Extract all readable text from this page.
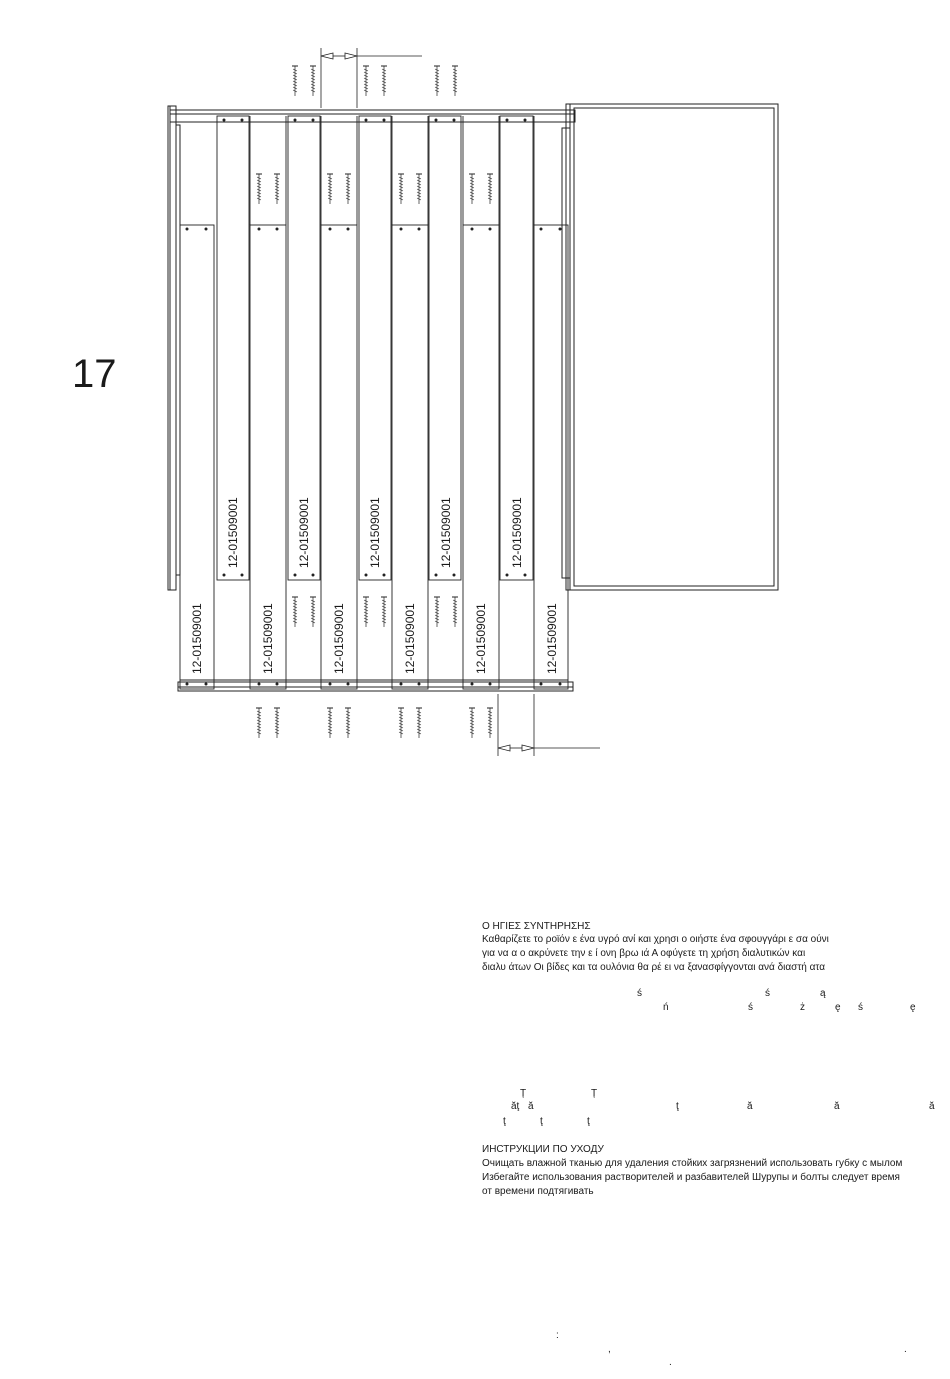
17
12-01509001	12-01509001	12-01509001	12-01509001	12-01509001
12-01509001	12-01509001	12-01509001	12-01509001	12-01509001	12-01509001
Ο ΗΓΙΕΣ ΣΥΝΤΗΡΗΣΗΣ
Καθαρίζετε το ροϊόν ε ένα υγρό ανί και χρησι ο οιήστε ένα σφουγγάρι ε σα ούνι
για να α ο ακρύνετε την ε ί ονη βρω ιά Α οφύγετε τη χρήση διαλυτικών και
διαλυ άτων Οι βίδες και τα ουλόνια θα ρέ ει να ξανασφίγγονται ανά διαστή ατα
ś	ś	ą
ń	ś	ż	ę ś	ę
Ț	Ț
ăţ ă	ţ	ă	ă	ă
ţ	ţ	ţ
ИНСТРУКЦИИ ПО УХОДУ
Очищать влажной тканью для удаления стойких загрязнений использовать губку с мылом
Избегайте использования растворителей и разбавителей Шурупы и болты следует время
от времени подтягивать
:
,
.
.
